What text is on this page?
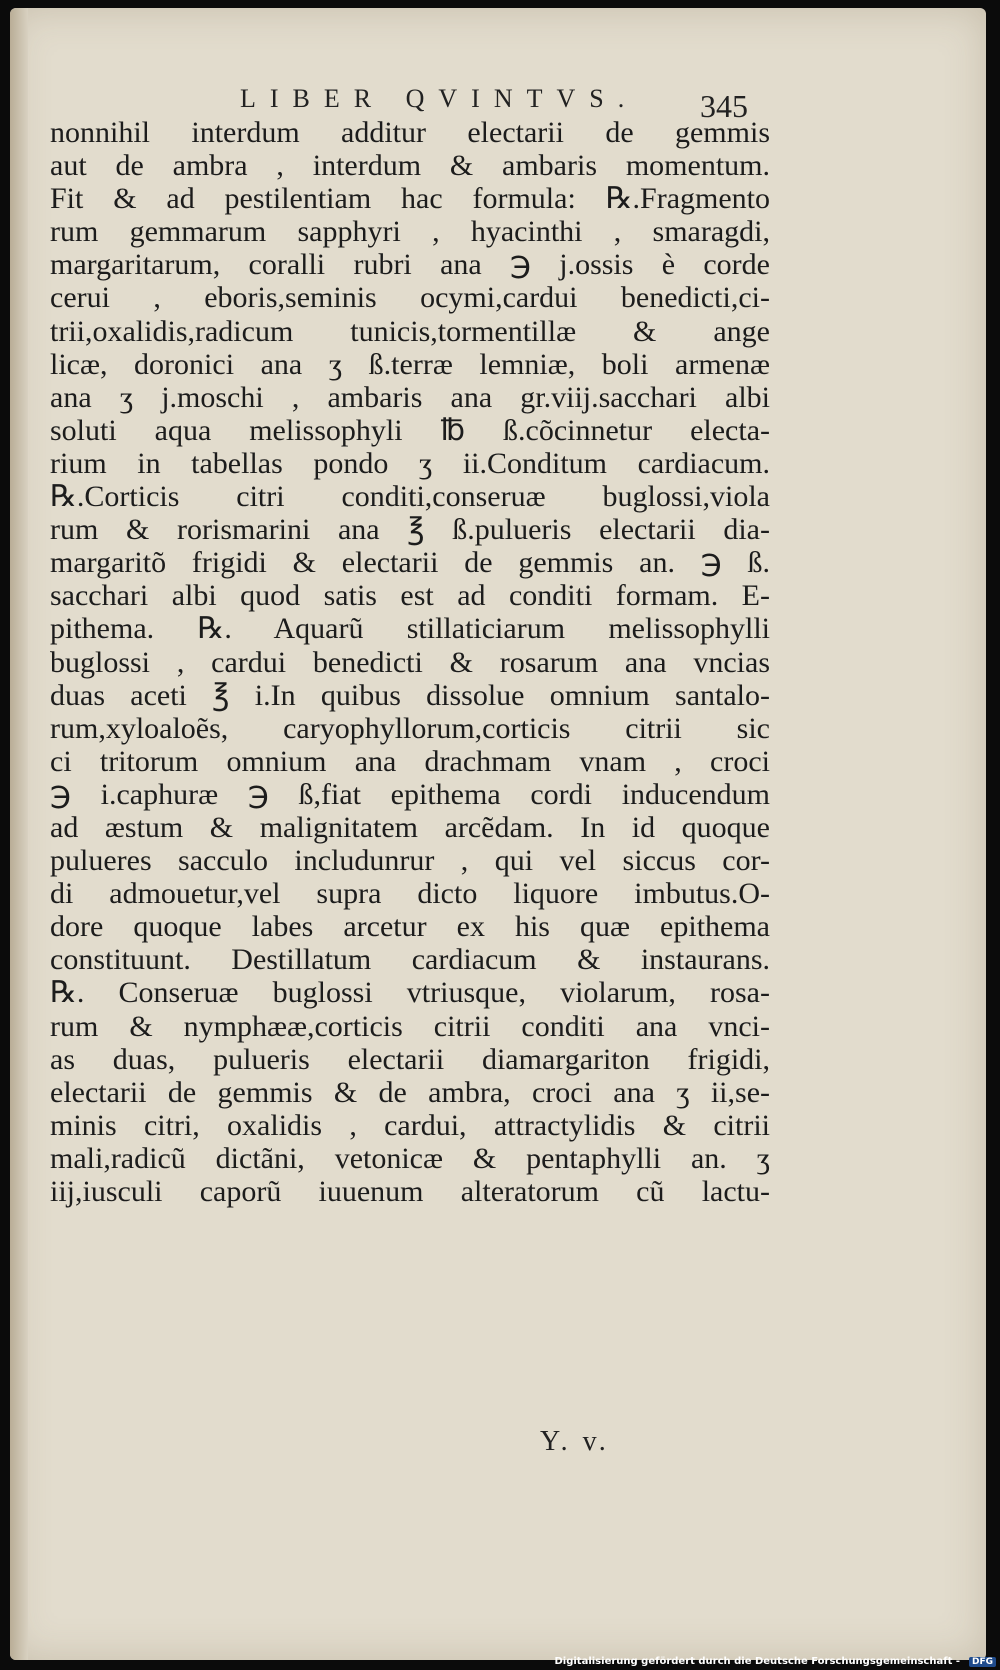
LIBER QVINTVS. 345
nonnihil interdum additur electarii de gemmis
aut de ambra , interdum & ambaris momentum.
Fit & ad pestilentiam hac formula: ℞.Fragmento
rum gemmarum sapphyri , hyacinthi , smaragdi,
margaritarum, coralli rubri ana ℈ j.ossis è corde
cerui , eboris,seminis ocymi,cardui benedicti,ci-
trii,oxalidis,radicum tunicis,tormentillæ & ange
licæ, doronici ana ʒ ß.terræ lemniæ, boli armenæ
ana ʒ j.moschi , ambaris ana gr.viij.sacchari albi
soluti aqua melissophyli ℔ ß.cõcinnetur electa-
rium in tabellas pondo ʒ ii.Conditum cardiacum.
℞.Corticis citri conditi,conseruæ buglossi,viola
rum & rorismarini ana ℥ ß.pulueris electarii dia-
margaritõ frigidi & electarii de gemmis an. ℈ ß.
sacchari albi quod satis est ad conditi formam. E-
pithema. ℞. Aquarũ stillaticiarum melissophylli
buglossi , cardui benedicti & rosarum ana vncias
duas aceti ℥ i.In quibus dissolue omnium santalo-
rum,xyloaloẽs, caryophyllorum,corticis citrii sic
ci tritorum omnium ana drachmam vnam , croci
℈ i.caphuræ ℈ ß,fiat epithema cordi inducendum
ad æstum & malignitatem arcẽdam. In id quoque
pulueres sacculo includunrur , qui vel siccus cor-
di admouetur,vel supra dicto liquore imbutus.O-
dore quoque labes arcetur ex his quæ epithema
constituunt. Destillatum cardiacum & instaurans.
℞. Conseruæ buglossi vtriusque, violarum, rosa-
rum & nymphææ,corticis citrii conditi ana vnci-
as duas, pulueris electarii diamargariton frigidi,
electarii de gemmis & de ambra, croci ana ʒ ii,se-
minis citri, oxalidis , cardui, attractylidis & citrii
mali,radicũ dictãni, vetonicæ & pentaphylli an. ʒ
iij,iusculi caporũ iuuenum alteratorum cũ lactu-
Y. v.
Digitalisierung gefördert durch die Deutsche Forschungsgemeinschaft -	DFG
